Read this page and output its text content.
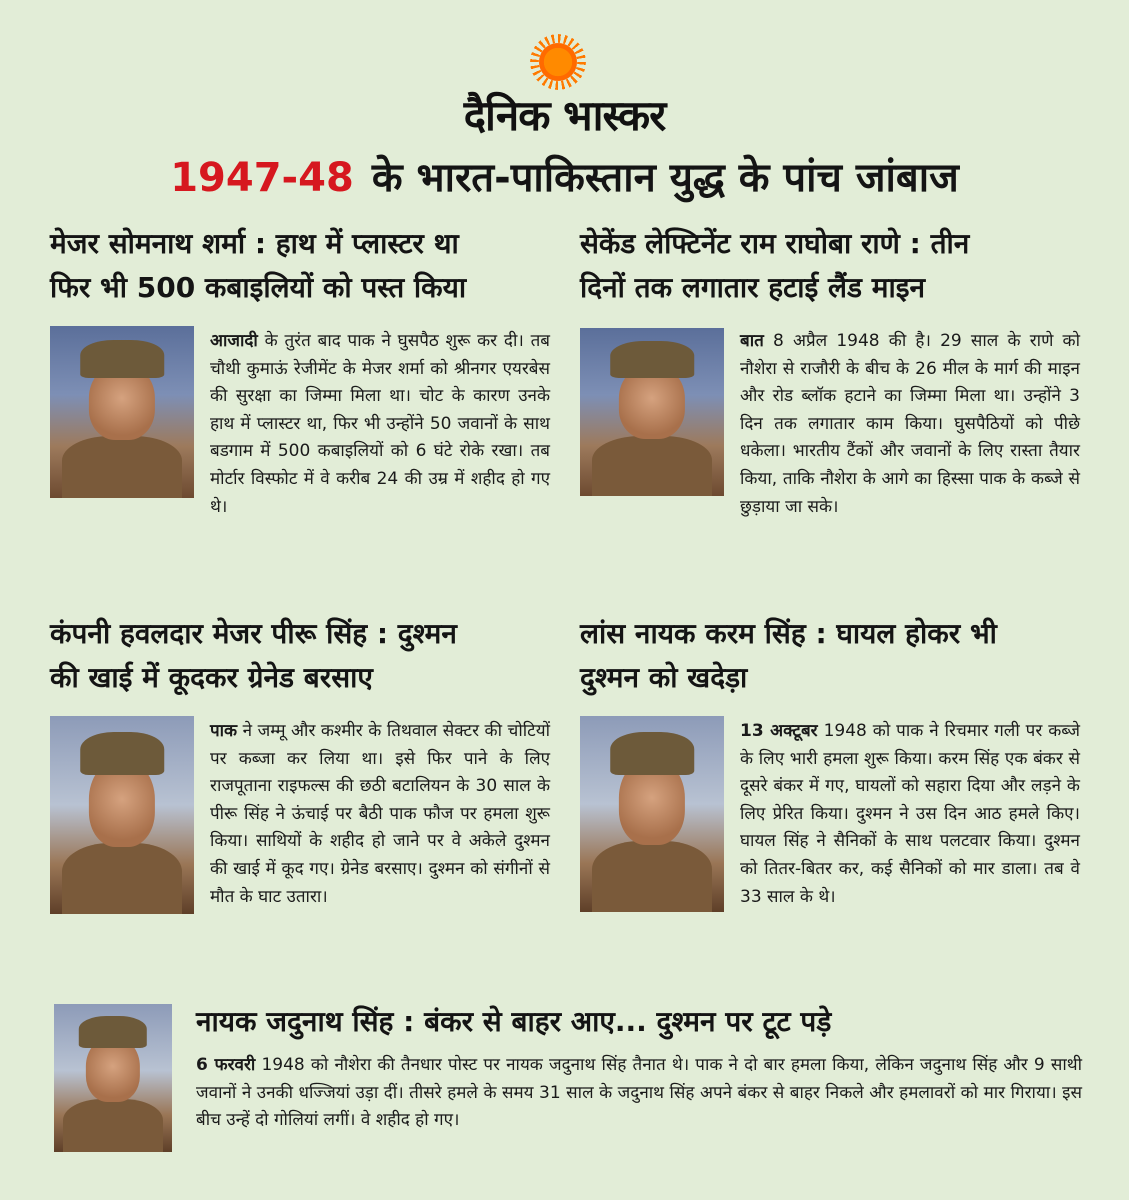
दैनिक भास्कर
1947-48 के भारत-पाकिस्तान युद्ध के पांच जांबाज
मेजर सोमनाथ शर्मा : हाथ में प्लास्टर था
फिर भी 500 कबाइलियों को पस्त किया
आजादी के तुरंत बाद पाक ने घुसपैठ शुरू कर दी। तब चौथी कुमाऊं रेजीमेंट के मेजर शर्मा को श्रीनगर एयरबेस की सुरक्षा का जिम्मा मिला था। चोट के कारण उनके हाथ में प्लास्टर था, फिर भी उन्होंने 50 जवानों के साथ बडगाम में 500 कबाइलियों को 6 घंटे रोके रखा। तब मोर्टार विस्फोट में वे करीब 24 की उम्र में शहीद हो गए थे।
सेकेंड लेफ्टिनेंट राम राघोबा राणे : तीन
दिनों तक लगातार हटाई लैंड माइन
बात 8 अप्रैल 1948 की है। 29 साल के राणे को नौशेरा से राजौरी के बीच के 26 मील के मार्ग की माइन और रोड ब्लॉक हटाने का जिम्मा मिला था। उन्होंने 3 दिन तक लगातार काम किया। घुसपैठियों को पीछे धकेला। भारतीय टैंकों और जवानों के लिए रास्ता तैयार किया, ताकि नौशेरा के आगे का हिस्सा पाक के कब्जे से छुड़ाया जा सके।
कंपनी हवलदार मेजर पीरू सिंह : दुश्मन
की खाई में कूदकर ग्रेनेड बरसाए
पाक ने जम्मू और कश्मीर के तिथवाल सेक्टर की चोटियों पर कब्जा कर लिया था। इसे फिर पाने के लिए राजपूताना राइफल्स की छठी बटालियन के 30 साल के पीरू सिंह ने ऊंचाई पर बैठी पाक फौज पर हमला शुरू किया। साथियों के शहीद हो जाने पर वे अकेले दुश्मन की खाई में कूद गए। ग्रेनेड बरसाए। दुश्मन को संगीनों से मौत के घाट उतारा।
लांस नायक करम सिंह : घायल होकर भी
दुश्मन को खदेड़ा
13 अक्टूबर 1948 को पाक ने रिचमार गली पर कब्जे के लिए भारी हमला शुरू किया। करम सिंह एक बंकर से दूसरे बंकर में गए, घायलों को सहारा दिया और लड़ने के लिए प्रेरित किया। दुश्मन ने उस दिन आठ हमले किए। घायल सिंह ने सैनिकों के साथ पलटवार किया। दुश्मन को तितर-बितर कर, कई सैनिकों को मार डाला। तब वे 33 साल के थे।
नायक जदुनाथ सिंह : बंकर से बाहर आए... दुश्मन पर टूट पड़े
6 फरवरी 1948 को नौशेरा की तैनधार पोस्ट पर नायक जदुनाथ सिंह तैनात थे। पाक ने दो बार हमला किया, लेकिन जदुनाथ सिंह और 9 साथी जवानों ने उनकी धज्जियां उड़ा दीं। तीसरे हमले के समय 31 साल के जदुनाथ सिंह अपने बंकर से बाहर निकले और हमलावरों को मार गिराया। इस बीच उन्हें दो गोलियां लगीं। वे शहीद हो गए।
